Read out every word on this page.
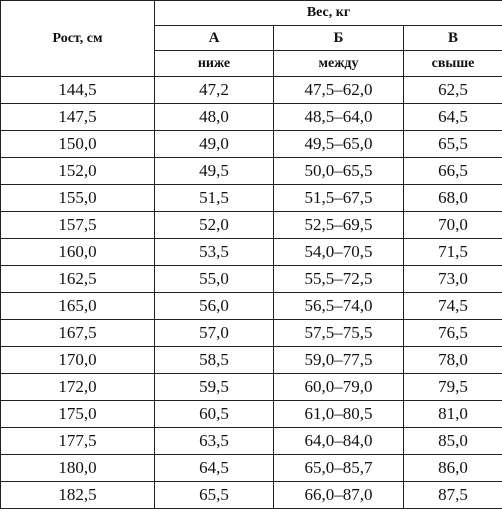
Рост, см	Вес, кг		
	А	Б	В
	ниже	между	свыше
144,5	47,2	47,5–62,0	62,5
147,5	48,0	48,5–64,0	64,5
150,0	49,0	49,5–65,0	65,5
152,0	49,5	50,0–65,5	66,5
155,0	51,5	51,5–67,5	68,0
157,5	52,0	52,5–69,5	70,0
160,0	53,5	54,0–70,5	71,5
162,5	55,0	55,5–72,5	73,0
165,0	56,0	56,5–74,0	74,5
167,5	57,0	57,5–75,5	76,5
170,0	58,5	59,0–77,5	78,0
172,0	59,5	60,0–79,0	79,5
175,0	60,5	61,0–80,5	81,0
177,5	63,5	64,0–84,0	85,0
180,0	64,5	65,0–85,7	86,0
182,5	65,5	66,0–87,0	87,5
